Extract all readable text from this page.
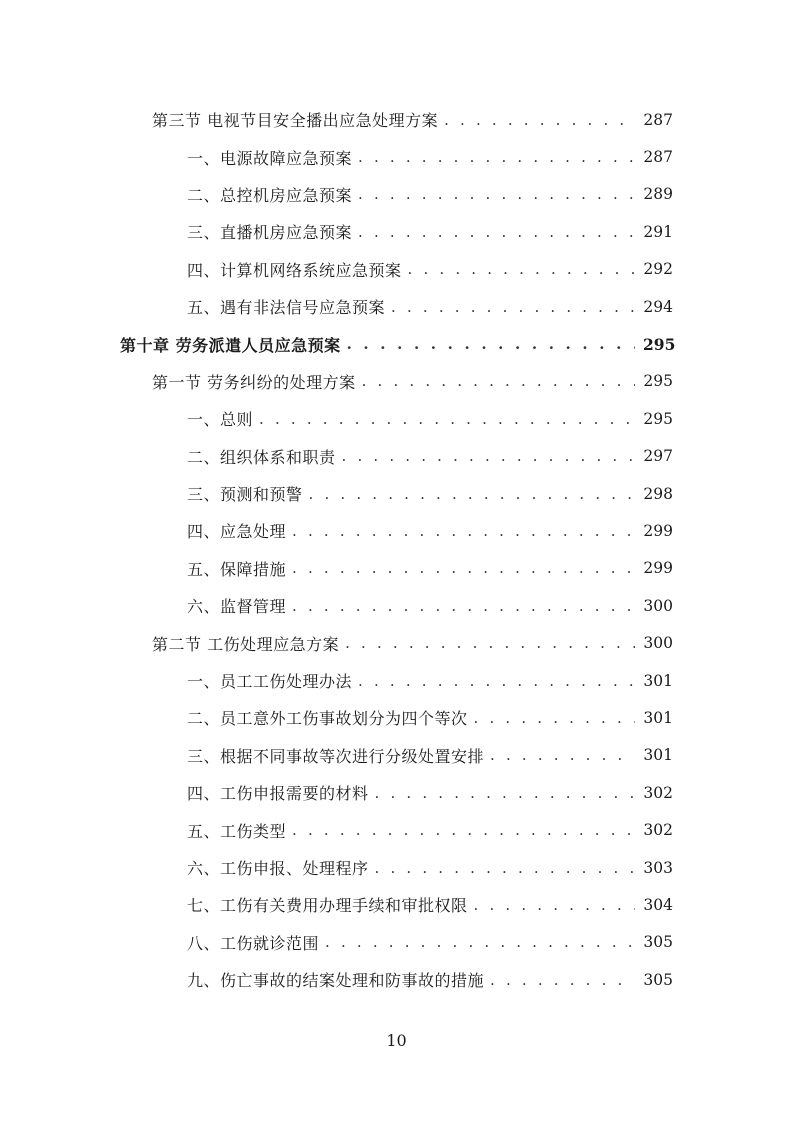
第三节 电视节目安全播出应急处理方案 . . .	287
一、电源故障应急预案 . . .	287
二、总控机房应急预案 . . .	289
三、直播机房应急预案 . . .	291
四、计算机网络系统应急预案 . . .	292
五、遇有非法信号应急预案 . . .	294
第十章 劳务派遣人员应急预案 . . .	295
第一节 劳务纠纷的处理方案 . . .	295
一、总则 . . .	295
二、组织体系和职责 . . .	297
三、预测和预警 . . .	298
四、应急处理 . . .	299
五、保障措施 . . .	299
六、监督管理 . . .	300
第二节 工伤处理应急方案 . . .	300
一、员工工伤处理办法 . . .	301
二、员工意外工伤事故划分为四个等次 . . .	301
三、根据不同事故等次进行分级处置安排 . . .	301
四、工伤申报需要的材料 . . .	302
五、工伤类型 . . .	302
六、工伤申报、处理程序 . . .	303
七、工伤有关费用办理手续和审批权限 . . .	304
八、工伤就诊范围 . . .	305
九、伤亡事故的结案处理和防事故的措施 . . .	305
10
